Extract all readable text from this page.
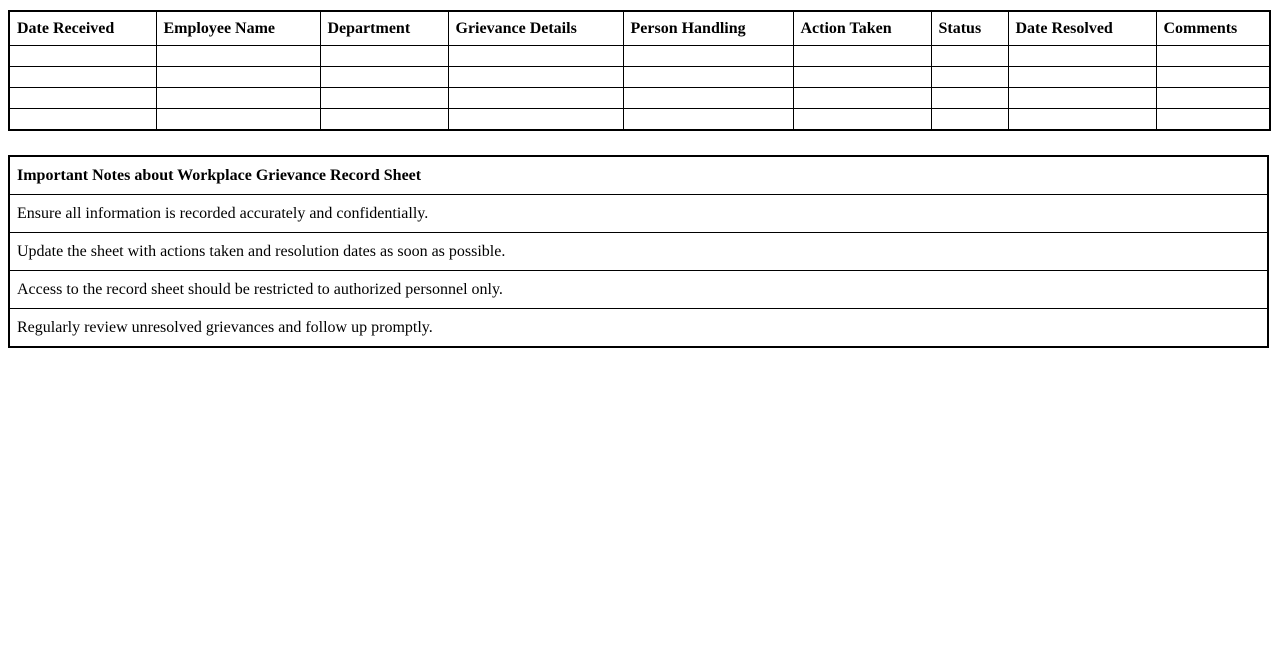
Date Received	Employee Name	Department	Grievance Details	Person Handling	Action Taken	Status	Date Resolved	Comments

Important Notes about Workplace Grievance Record Sheet
Ensure all information is recorded accurately and confidentially.
Update the sheet with actions taken and resolution dates as soon as possible.
Access to the record sheet should be restricted to authorized personnel only.
Regularly review unresolved grievances and follow up promptly.
